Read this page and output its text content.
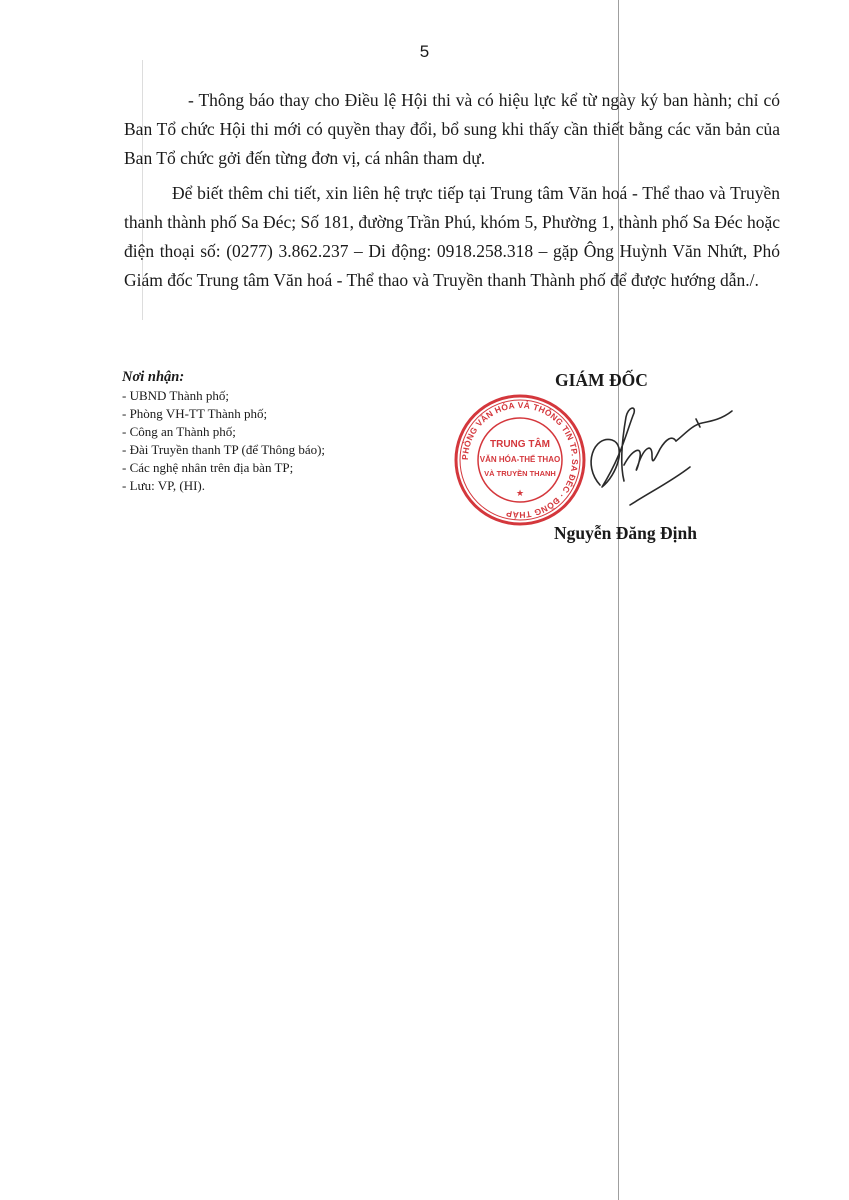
5

- Thông báo thay cho Điều lệ Hội thi và có hiệu lực kể từ ngày ký ban hành; chỉ có Ban Tổ chức Hội thi mới có quyền thay đổi, bổ sung khi thấy cần thiết bằng các văn bản của Ban Tổ chức gởi đến từng đơn vị, cá nhân tham dự.

Để biết thêm chi tiết, xin liên hệ trực tiếp tại Trung tâm Văn hoá - Thể thao và Truyền thanh thành phố Sa Đéc; Số 181, đường Trần Phú, khóm 5, Phường 1, thành phố Sa Đéc hoặc điện thoại số: (0277) 3.862.237 – Di động: 0918.258.318 – gặp Ông Huỳnh Văn Nhứt, Phó Giám đốc Trung tâm Văn hoá - Thể thao và Truyền thanh Thành phố để được hướng dẫn./.

Nơi nhận:
- UBND Thành phố;
- Phòng VH-TT Thành phố;
- Công an Thành phố;
- Đài Truyền thanh TP (để Thông báo);
- Các nghệ nhân trên địa bàn TP;
- Lưu: VP, (HI).
GIÁM ĐỐC
PHÒNG VĂN HÓA VÀ THÔNG TIN TP. SA ĐÉC · ĐỒNG THÁP
TRUNG TÂM
VĂN HÓA-THỂ THAO
VÀ TRUYỀN THANH
★
Nguyễn Đăng Định
